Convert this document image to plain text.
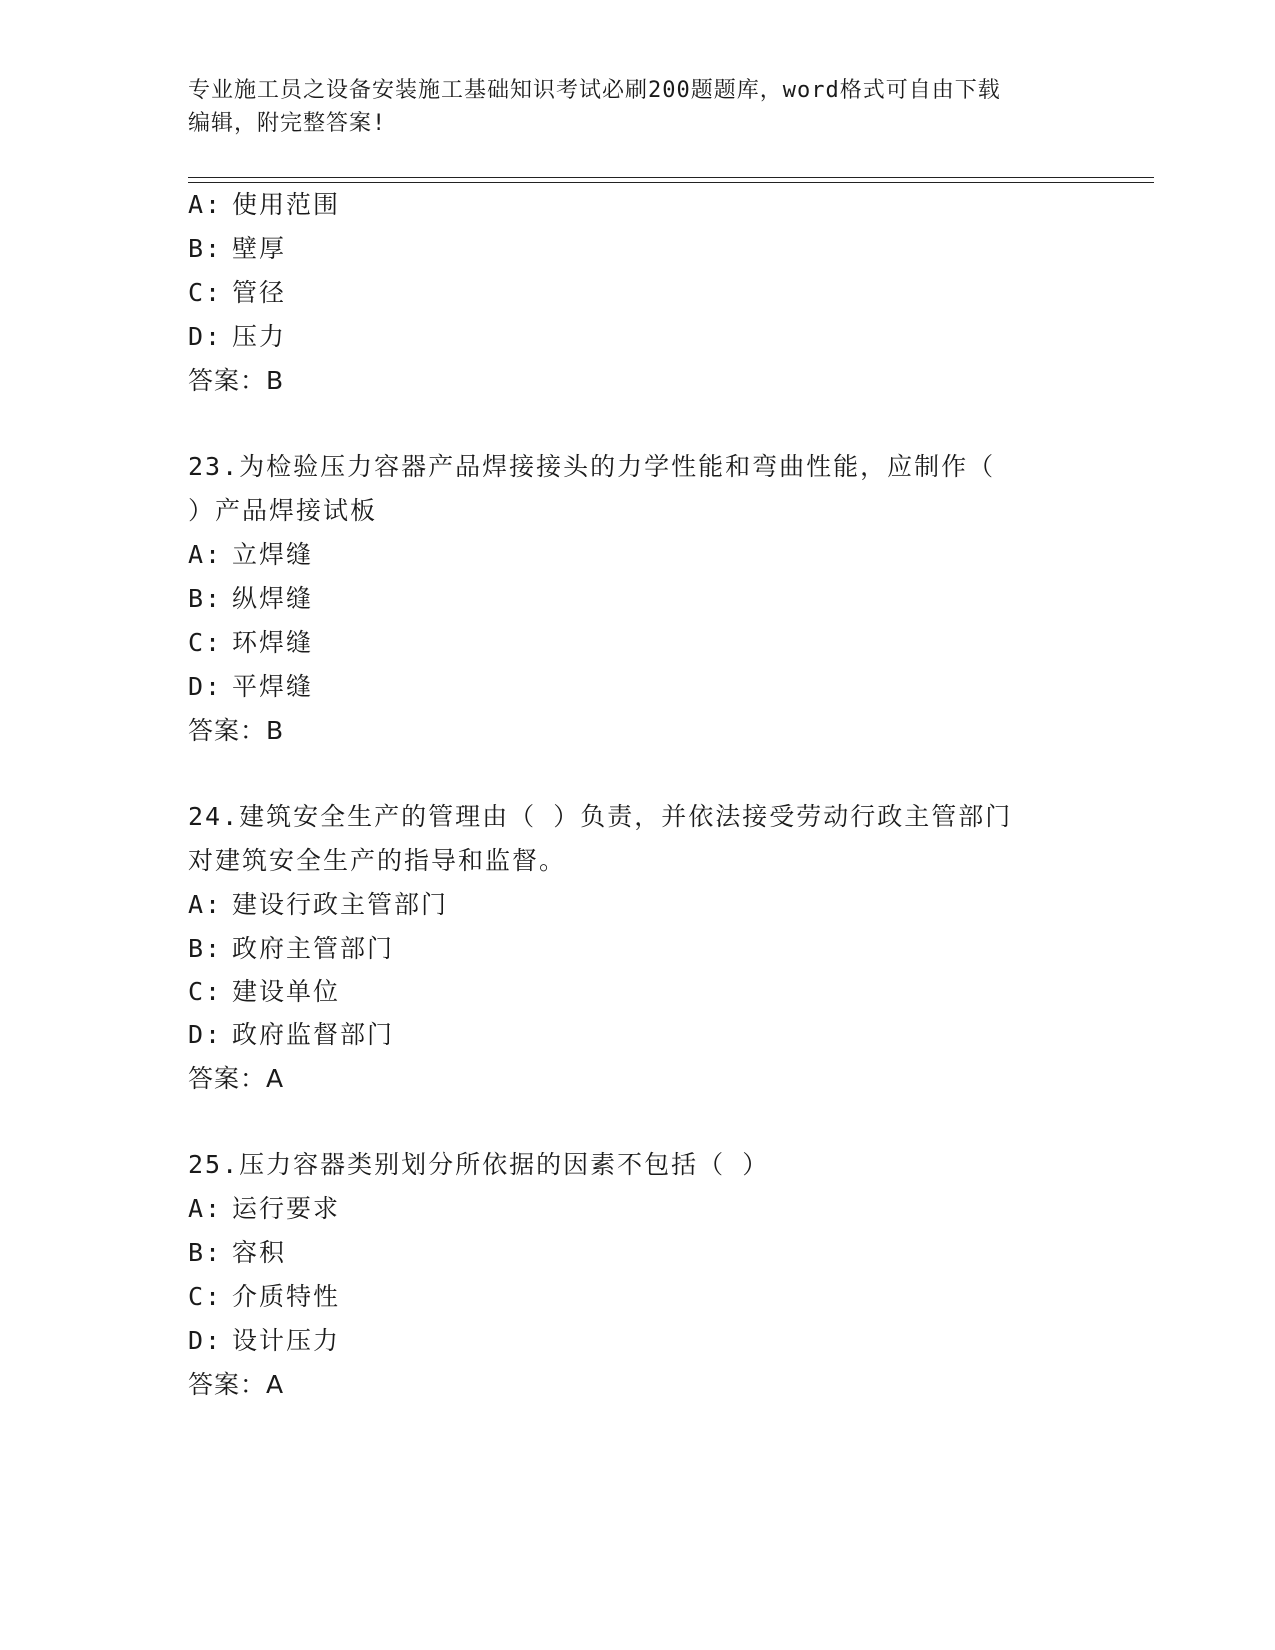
专业施工员之设备安装施工基础知识考试必刷200题题库，word格式可自由下载
编辑，附完整答案!
A: 使用范围
B: 壁厚
C: 管径
D: 压力
答案：B
23.为检验压力容器产品焊接接头的力学性能和弯曲性能，应制作（
）产品焊接试板
A: 立焊缝
B: 纵焊缝
C: 环焊缝
D: 平焊缝
答案：B
24.建筑安全生产的管理由（ ）负责，并依法接受劳动行政主管部门
对建筑安全生产的指导和监督。
A: 建设行政主管部门
B: 政府主管部门
C: 建设单位
D: 政府监督部门
答案：A
25.压力容器类别划分所依据的因素不包括（ ）
A: 运行要求
B: 容积
C: 介质特性
D: 设计压力
答案：A
